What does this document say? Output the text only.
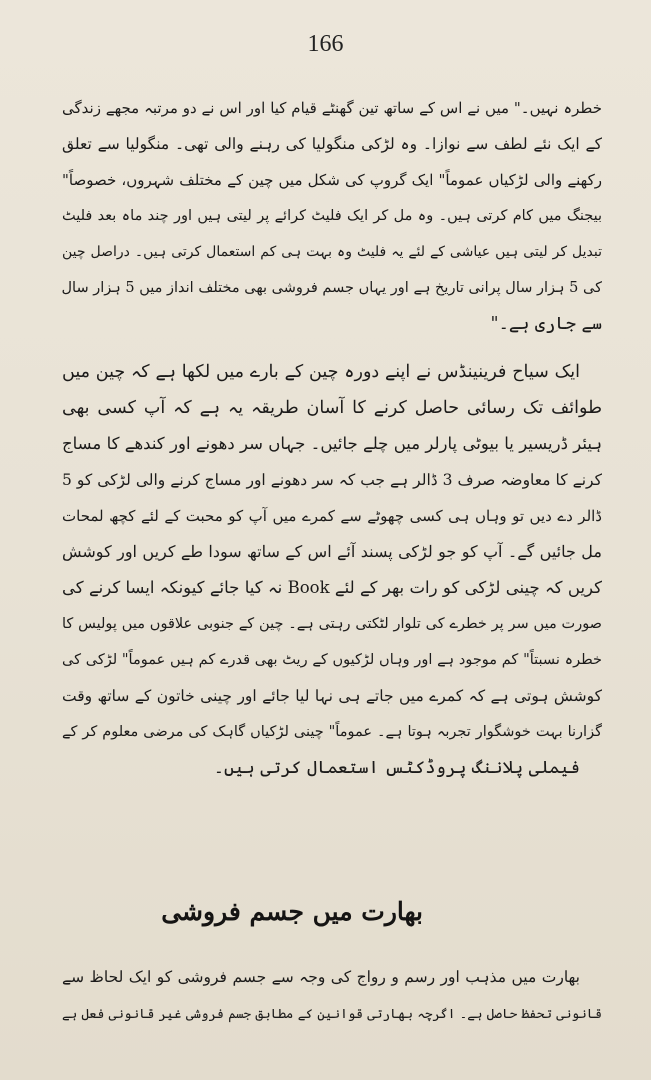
166
خطرہ نہیں۔" میں نے اس کے ساتھ تین گھنٹے قیام کیا اور اس نے دو مرتبہ مجھے زندگی
کے ایک نئے لطف سے نوازا۔ وہ لڑکی منگولیا کی رہنے والی تھی۔ منگولیا سے تعلق
رکھنے والی لڑکیاں عموماً" ایک گروپ کی شکل میں چین کے مختلف شہروں، خصوصاً"
بیجنگ میں کام کرتی ہیں۔ وہ مل کر ایک فلیٹ کرائے پر لیتی ہیں اور چند ماہ بعد فلیٹ
تبدیل کر لیتی ہیں عیاشی کے لئے یہ فلیٹ وہ بہت ہی کم استعمال کرتی ہیں۔ دراصل چین
کی 5 ہزار سال پرانی تاریخ ہے اور یہاں جسم فروشی بھی مختلف انداز میں 5 ہزار سال
سے جاری ہے۔"
ایک سیاح فرینینڈس نے اپنے دورہ چین کے بارے میں لکھا ہے کہ چین میں
طوائف تک رسائی حاصل کرنے کا آسان طریقہ یہ ہے کہ آپ کسی بھی
ہیئر ڈریسیر یا بیوٹی پارلر میں چلے جائیں۔ جہاں سر دھونے اور کندھے کا مساج
کرنے کا معاوضہ صرف 3 ڈالر ہے جب کہ سر دھونے اور مساج کرنے والی لڑکی کو 5
ڈالر دے دیں تو وہاں ہی کسی چھوٹے سے کمرے میں آپ کو محبت کے لئے کچھ لمحات
مل جائیں گے۔ آپ کو جو لڑکی پسند آئے اس کے ساتھ سودا طے کریں اور کوشش
کریں کہ چینی لڑکی کو رات بھر کے لئے Book نہ کیا جائے کیونکہ ایسا کرنے کی
صورت میں سر پر خطرے کی تلوار لٹکتی رہتی ہے۔ چین کے جنوبی علاقوں میں پولیس کا
خطرہ نسبتاً" کم موجود ہے اور وہاں لڑکیوں کے ریٹ بھی قدرے کم ہیں عموماً" لڑکی کی
کوشش ہوتی ہے کہ کمرے میں جاتے ہی نہا لیا جائے اور چینی خاتون کے ساتھ وقت
گزارنا بہت خوشگوار تجربہ ہوتا ہے۔ عموماً" چینی لڑکیاں گاہک کی مرضی معلوم کر کے
فیملی پلاننگ پروڈکٹس استعمال کرتی ہیں۔
بھارت میں جسم فروشی
بھارت میں مذہب اور رسم و رواج کی وجہ سے جسم فروشی کو ایک لحاظ سے
قانونی تحفظ حاصل ہے۔ اگرچہ بھارتی قوانین کے مطابق جسم فروشی غیر قانونی فعل ہے
